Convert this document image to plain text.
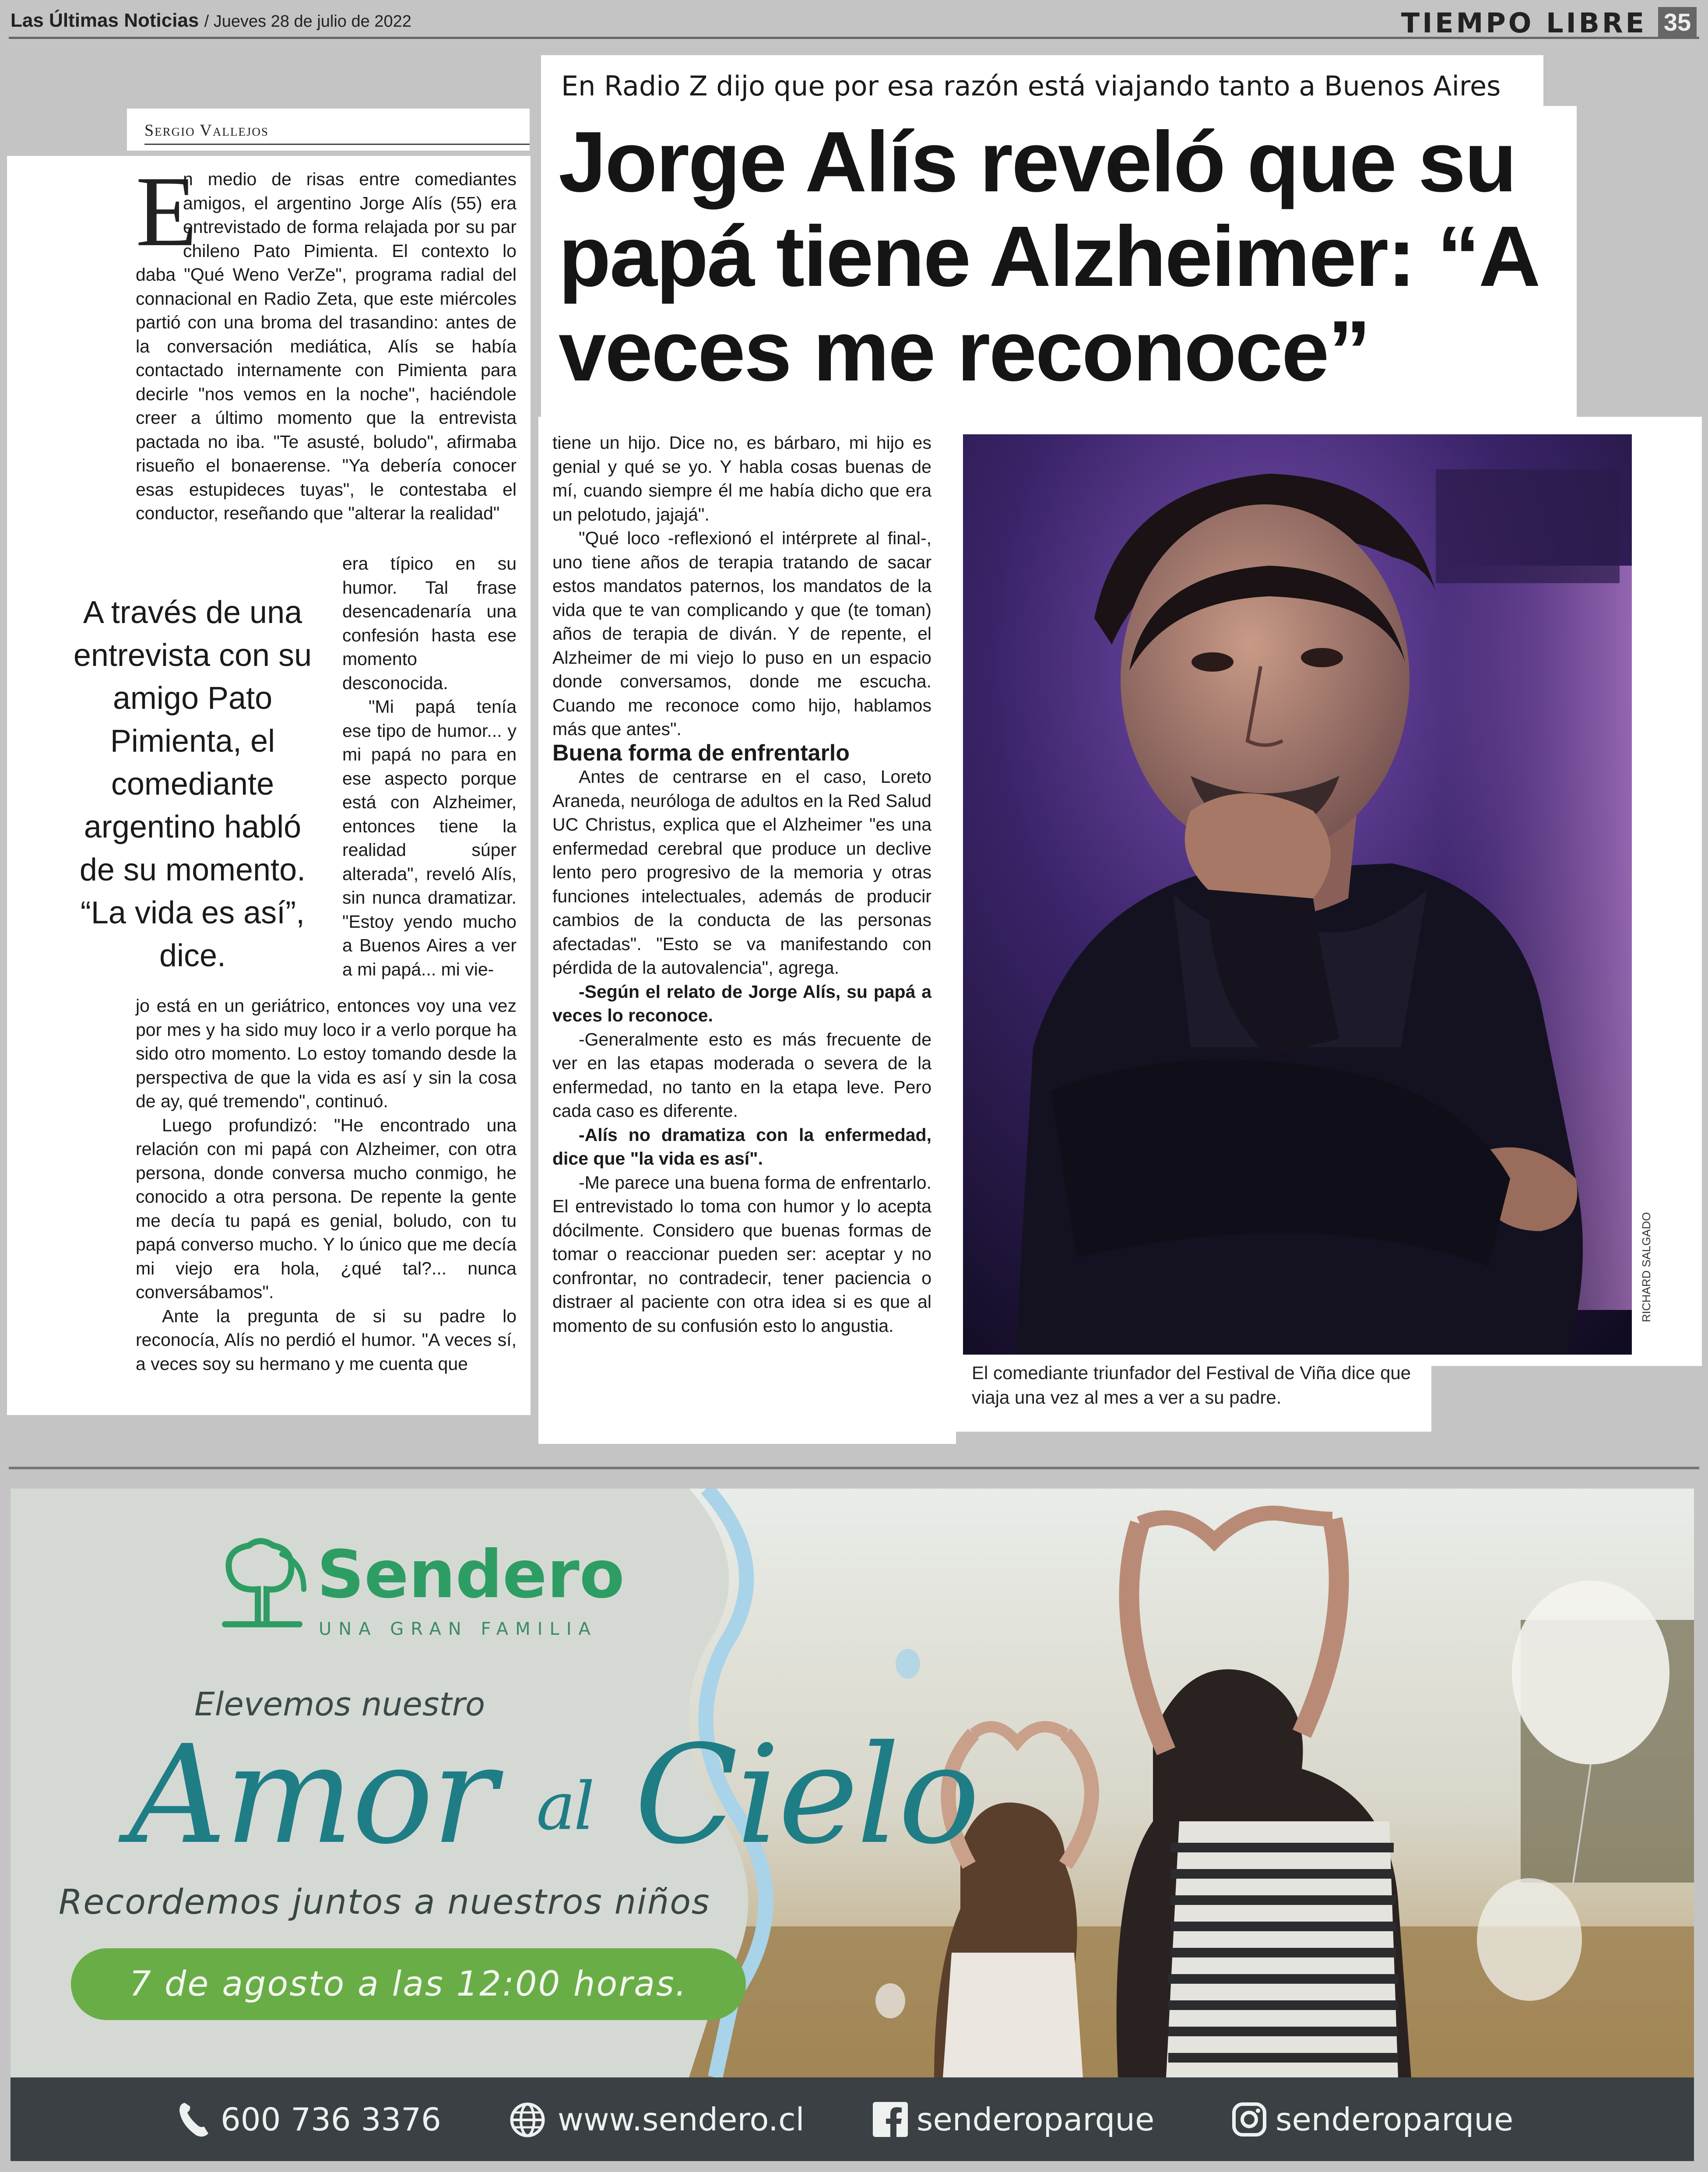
Las Últimas Noticias / Jueves 28 de julio de 2022	TIEMPO LIBRE 35
Sergio Vallejos
E

n medio de risas entre comediantes amigos, el argentino Jorge Alís (55) era entrevistado de forma relajada por su par chileno Pato Pimienta. El contexto lo daba "Qué Weno VerZe", programa radial del connacional en Radio Zeta, que este miércoles partió con una broma del trasandino: antes de la conversación mediática, Alís se había contactado internamente con Pimienta para decirle "nos vemos en la noche", haciéndole creer a último momento que la entrevista pactada no iba. "Te asusté, boludo", afirmaba risueño el bonaerense. "Ya debería conocer esas estupideces tuyas", le contestaba el conductor, reseñando que "alterar la realidad"

A través de una entrevista con su amigo Pato Pimienta, el comediante argentino habló de su momento. “La vida es así”, dice.

era típico en su humor. Tal frase desencadenaría una confesión hasta ese momento desconocida.

"Mi papá tenía ese tipo de humor... y mi papá no para en ese aspecto porque está con Alzheimer, entonces tiene la realidad súper alterada", reveló Alís, sin nunca dramatizar. "Estoy yendo mucho a Buenos Aires a ver a mi papá... mi vie-

jo está en un geriátrico, entonces voy una vez por mes y ha sido muy loco ir a verlo porque ha sido otro momento. Lo estoy tomando desde la perspectiva de que la vida es así y sin la cosa de ay, qué tremendo", continuó.

Luego profundizó: "He encontrado una relación con mi papá con Alzheimer, con otra persona, donde conversa mucho conmigo, he conocido a otra persona. De repente la gente me decía tu papá es genial, boludo, con tu papá converso mucho. Y lo único que me decía mi viejo era hola, ¿qué tal?... nunca conversábamos".

Ante la pregunta de si su padre lo reconocía, Alís no perdió el humor. "A veces sí, a veces soy su hermano y me cuenta que

En Radio Z dijo que por esa razón está viajando tanto a Buenos Aires
Jorge Alís reveló que su papá tiene Alzheimer: “A veces me reconoce”

tiene un hijo. Dice no, es bárbaro, mi hijo es genial y qué se yo. Y habla cosas buenas de mí, cuando siempre él me había dicho que era un pelotudo, jajajá".

"Qué loco -reflexionó el intérprete al final-, uno tiene años de terapia tratando de sacar estos mandatos paternos, los mandatos de la vida que te van complicando y que (te toman) años de terapia de diván. Y de repente, el Alzheimer de mi viejo lo puso en un espacio donde conversamos, donde me escucha. Cuando me reconoce como hijo, hablamos más que antes".

Buena forma de enfrentarlo

Antes de centrarse en el caso, Loreto Araneda, neuróloga de adultos en la Red Salud UC Christus, explica que el Alzheimer "es una enfermedad cerebral que produce un declive lento pero progresivo de la memoria y otras funciones intelectuales, además de producir cambios de la conducta de las personas afectadas". "Esto se va manifestando con pérdida de la autovalencia", agrega.

-Según el relato de Jorge Alís, su papá a veces lo reconoce.

-Generalmente esto es más frecuente de ver en las etapas moderada o severa de la enfermedad, no tanto en la etapa leve. Pero cada caso es diferente.

-Alís no dramatiza con la enfermedad, dice que "la vida es así".

-Me parece una buena forma de enfrentarlo. El entrevistado lo toma con humor y lo acepta dócilmente. Considero que buenas formas de tomar o reaccionar pueden ser: aceptar y no confrontar, no contradecir, tener paciencia o distraer al paciente con otra idea si es que al momento de su confusión esto lo angustia.

RICHARD SALGADO
El comediante triunfador del Festival de Viña dice que viaja una vez al mes a ver a su padre.
Sendero
UNA GRAN FAMILIA
Elevemos nuestro
Amor al Cielo
Recordemos juntos a nuestros niños
7 de agosto a las 12:00 horas.
600 736 3376	www.sendero.cl	senderoparque	senderoparque
